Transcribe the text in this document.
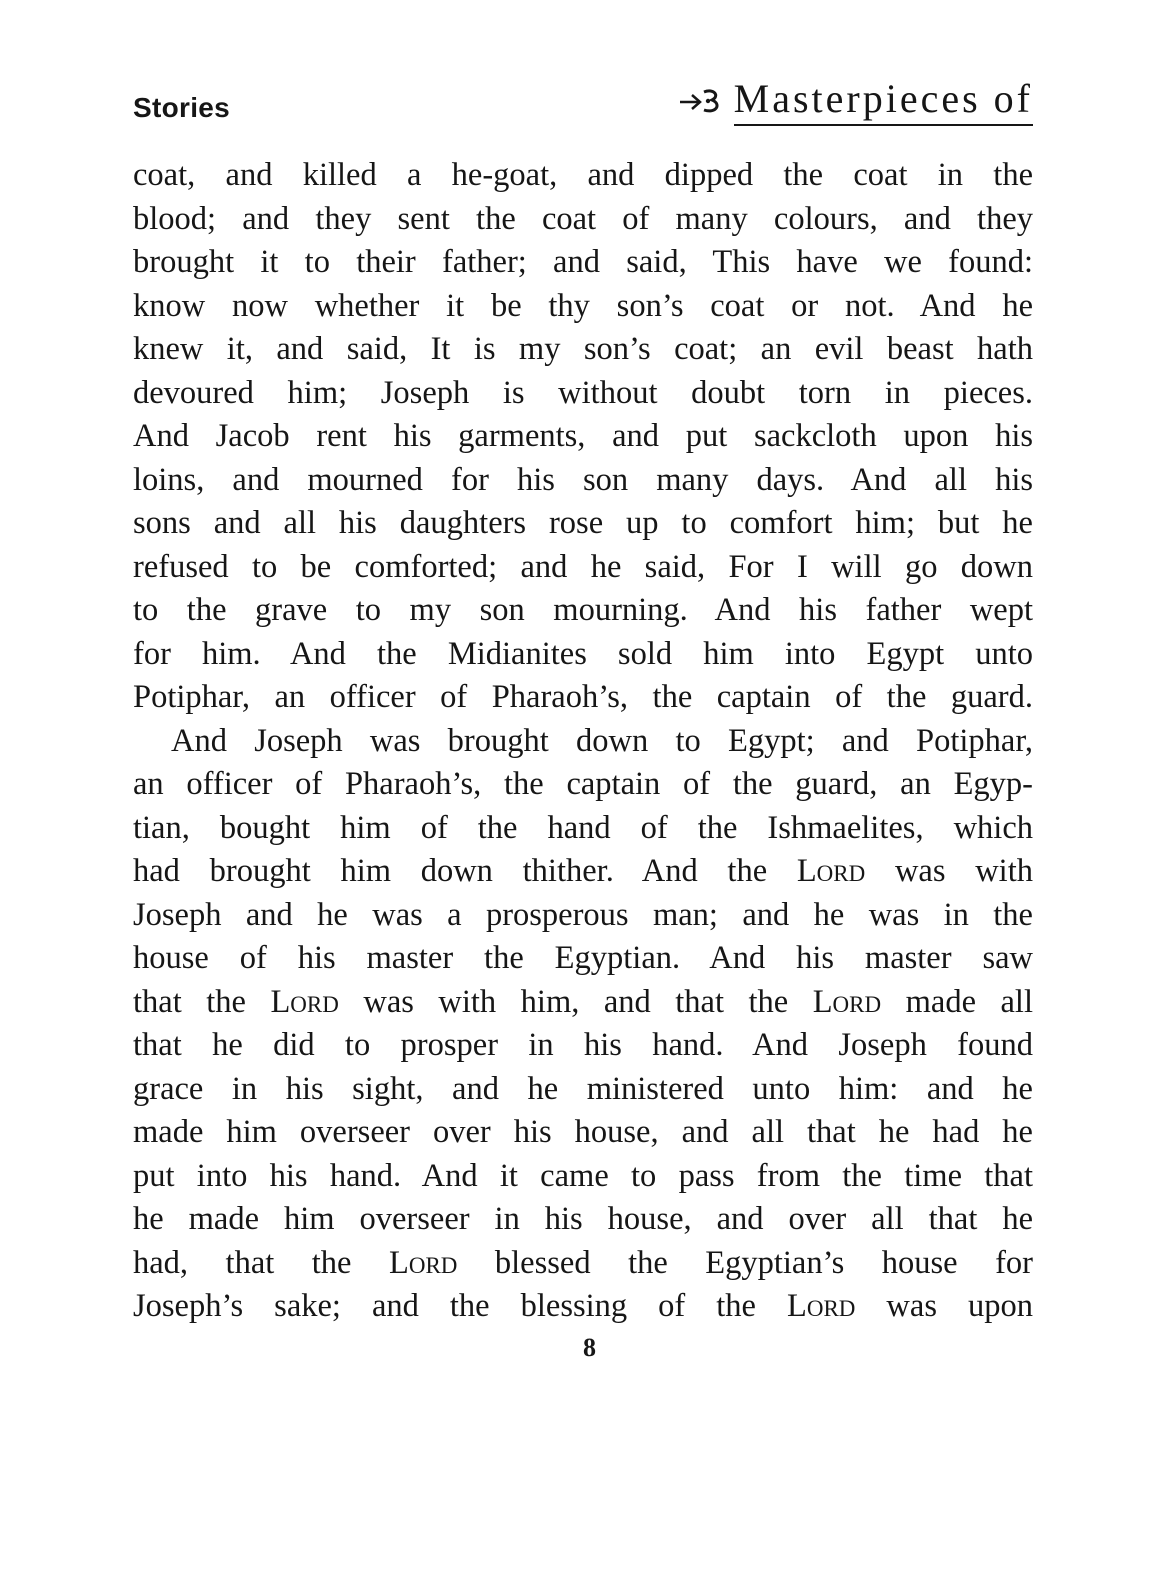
Stories	Masterpieces of
coat, and killed a he-goat, and dipped the coat in the
blood; and they sent the coat of many colours, and they
brought it to their father; and said, This have we found:
know now whether it be thy son’s coat or not. And he
knew it, and said, It is my son’s coat; an evil beast hath
devoured him; Joseph is without doubt torn in pieces.
And Jacob rent his garments, and put sackcloth upon his
loins, and mourned for his son many days. And all his
sons and all his daughters rose up to comfort him; but he
refused to be comforted; and he said, For I will go down
to the grave to my son mourning. And his father wept
for him. And the Midianites sold him into Egypt unto
Potiphar, an officer of Pharaoh’s, the captain of the guard.
And Joseph was brought down to Egypt; and Potiphar,
an officer of Pharaoh’s, the captain of the guard, an Egyp-
tian, bought him of the hand of the Ishmaelites, which
had brought him down thither. And the Lord was with
Joseph and he was a prosperous man; and he was in the
house of his master the Egyptian. And his master saw
that the Lord was with him, and that the Lord made all
that he did to prosper in his hand. And Joseph found
grace in his sight, and he ministered unto him: and he
made him overseer over his house, and all that he had he
put into his hand. And it came to pass from the time that
he made him overseer in his house, and over all that he
had, that the Lord blessed the Egyptian’s house for
Joseph’s sake; and the blessing of the Lord was upon
8
